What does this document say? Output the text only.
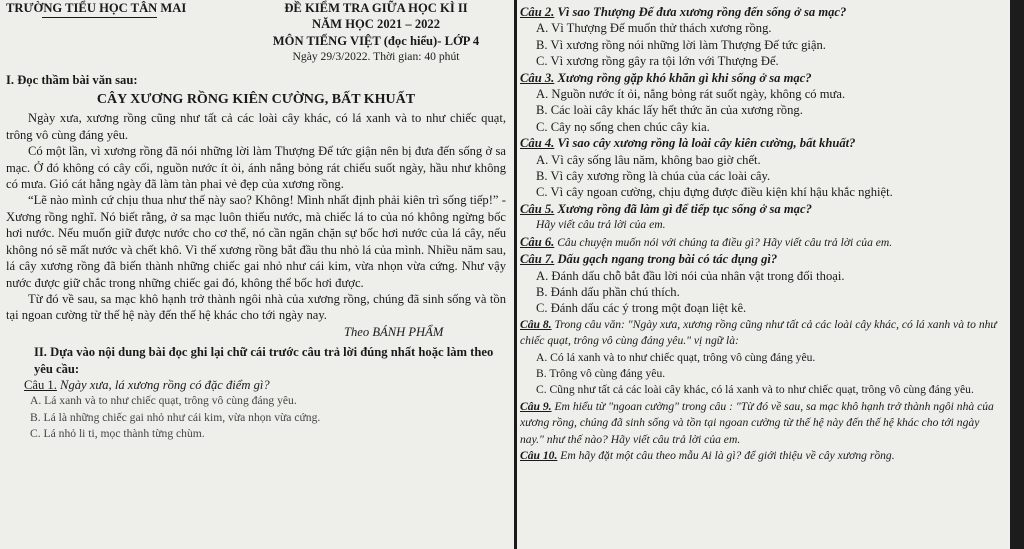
TRƯỜNG TIỂU HỌC TÂN MAI	ĐỀ KIỂM TRA GIỮA HỌC KÌ II

NĂM HỌC 2021 – 2022

MÔN TIẾNG VIỆT (đọc hiểu)- LỚP 4

Ngày 29/3/2022. Thời gian: 40 phút

I. Đọc thầm bài văn sau:

CÂY XƯƠNG RỒNG KIÊN CƯỜNG, BẤT KHUẤT

Ngày xưa, xương rồng cũng như tất cả các loài cây khác, có lá xanh và to như chiếc quạt, trông vô cùng đáng yêu.

Có một lần, vì xương rồng đã nói những lời làm Thượng Đế tức giận nên bị đưa đến sống ở sa mạc. Ở đó không có cây cối, nguồn nước ít ỏi, ánh nắng bỏng rát chiếu suốt ngày, hầu như không có mưa. Gió cát hằng ngày đã làm tàn phai vẻ đẹp của xương rồng.

“Lẽ nào mình cứ chịu thua như thế này sao? Không! Mình nhất định phải kiên trì sống tiếp!” - Xương rồng nghĩ. Nó biết rằng, ở sa mạc luôn thiếu nước, mà chiếc lá to của nó không ngừng bốc hơi nước. Nếu muốn giữ được nước cho cơ thể, nó cần ngăn chặn sự bốc hơi nước của lá cây, nếu không nó sẽ mất nước và chết khô. Vì thế xương rồng bắt đầu thu nhỏ lá của mình. Nhiều năm sau, lá cây xương rồng đã biến thành những chiếc gai nhỏ như cái kim, vừa nhọn vừa cứng. Như vậy nước được giữ chắc trong những chiếc gai đó, không thể bốc hơi được.

Từ đó về sau, sa mạc khô hạnh trở thành ngôi nhà của xương rồng, chúng đã sinh sống và tồn tại ngoan cường từ thế hệ này đến thế hệ khác cho tới ngày nay.

Theo BÁNH PHẨM

II. Dựa vào nội dung bài đọc ghi lại chữ cái trước câu trả lời đúng nhất hoặc làm theo yêu cầu:

Câu 1. Ngày xưa, lá xương rồng có đặc điểm gì?

A. Lá xanh và to như chiếc quạt, trông vô cùng đáng yêu.

B. Lá là những chiếc gai nhỏ như cái kim, vừa nhọn vừa cứng.

C. Lá nhỏ li ti, mọc thành từng chùm.

Câu 2. Vì sao Thượng Đế đưa xương rồng đến sống ở sa mạc?

A. Vì Thượng Đế muốn thử thách xương rồng.

B. Vì xương rồng nói những lời làm Thượng Đế tức giận.

C. Vì xương rồng gây ra tội lớn với Thượng Đế.

Câu 3. Xương rồng gặp khó khăn gì khi sống ở sa mạc?

A. Nguồn nước ít ỏi, nắng bỏng rát suốt ngày, không có mưa.

B. Các loài cây khác lấy hết thức ăn của xương rồng.

C. Cây nọ sống chen chúc cây kia.

Câu 4. Vì sao cây xương rồng là loài cây kiên cường, bất khuất?

A. Vì cây sống lâu năm, không bao giờ chết.

B. Vì cây xương rồng là chúa của các loài cây.

C. Vì cây ngoan cường, chịu đựng được điều kiện khí hậu khắc nghiệt.

Câu 5. Xương rồng đã làm gì để tiếp tục sống ở sa mạc?

Hãy viết câu trả lời của em.

Câu 6. Câu chuyện muốn nói với chúng ta điều gì? Hãy viết câu trả lời của em.

Câu 7. Dấu gạch ngang trong bài có tác dụng gì?

A. Đánh dấu chỗ bắt đầu lời nói của nhân vật trong đối thoại.

B. Đánh dấu phần chú thích.

C. Đánh dấu các ý trong một đoạn liệt kê.

Câu 8. Trong câu văn: "Ngày xưa, xương rồng cũng như tất cả các loài cây khác, có lá xanh và to như chiếc quạt, trông vô cùng đáng yêu." vị ngữ là:

A. Có lá xanh và to như chiếc quạt, trông vô cùng đáng yêu.

B. Trông vô cùng đáng yêu.

C. Cũng như tất cả các loài cây khác, có lá xanh và to như chiếc quạt, trông vô cùng đáng yêu.

Câu 9. Em hiểu từ "ngoan cường" trong câu : "Từ đó về sau, sa mạc khô hạnh trở thành ngôi nhà của xương rồng, chúng đã sinh sống và tồn tại ngoan cường từ thế hệ này đến thế hệ khác cho tới ngày nay." như thế nào? Hãy viết câu trả lời của em.

Câu 10. Em hãy đặt một câu theo mẫu Ai là gì? để giới thiệu về cây xương rồng.
